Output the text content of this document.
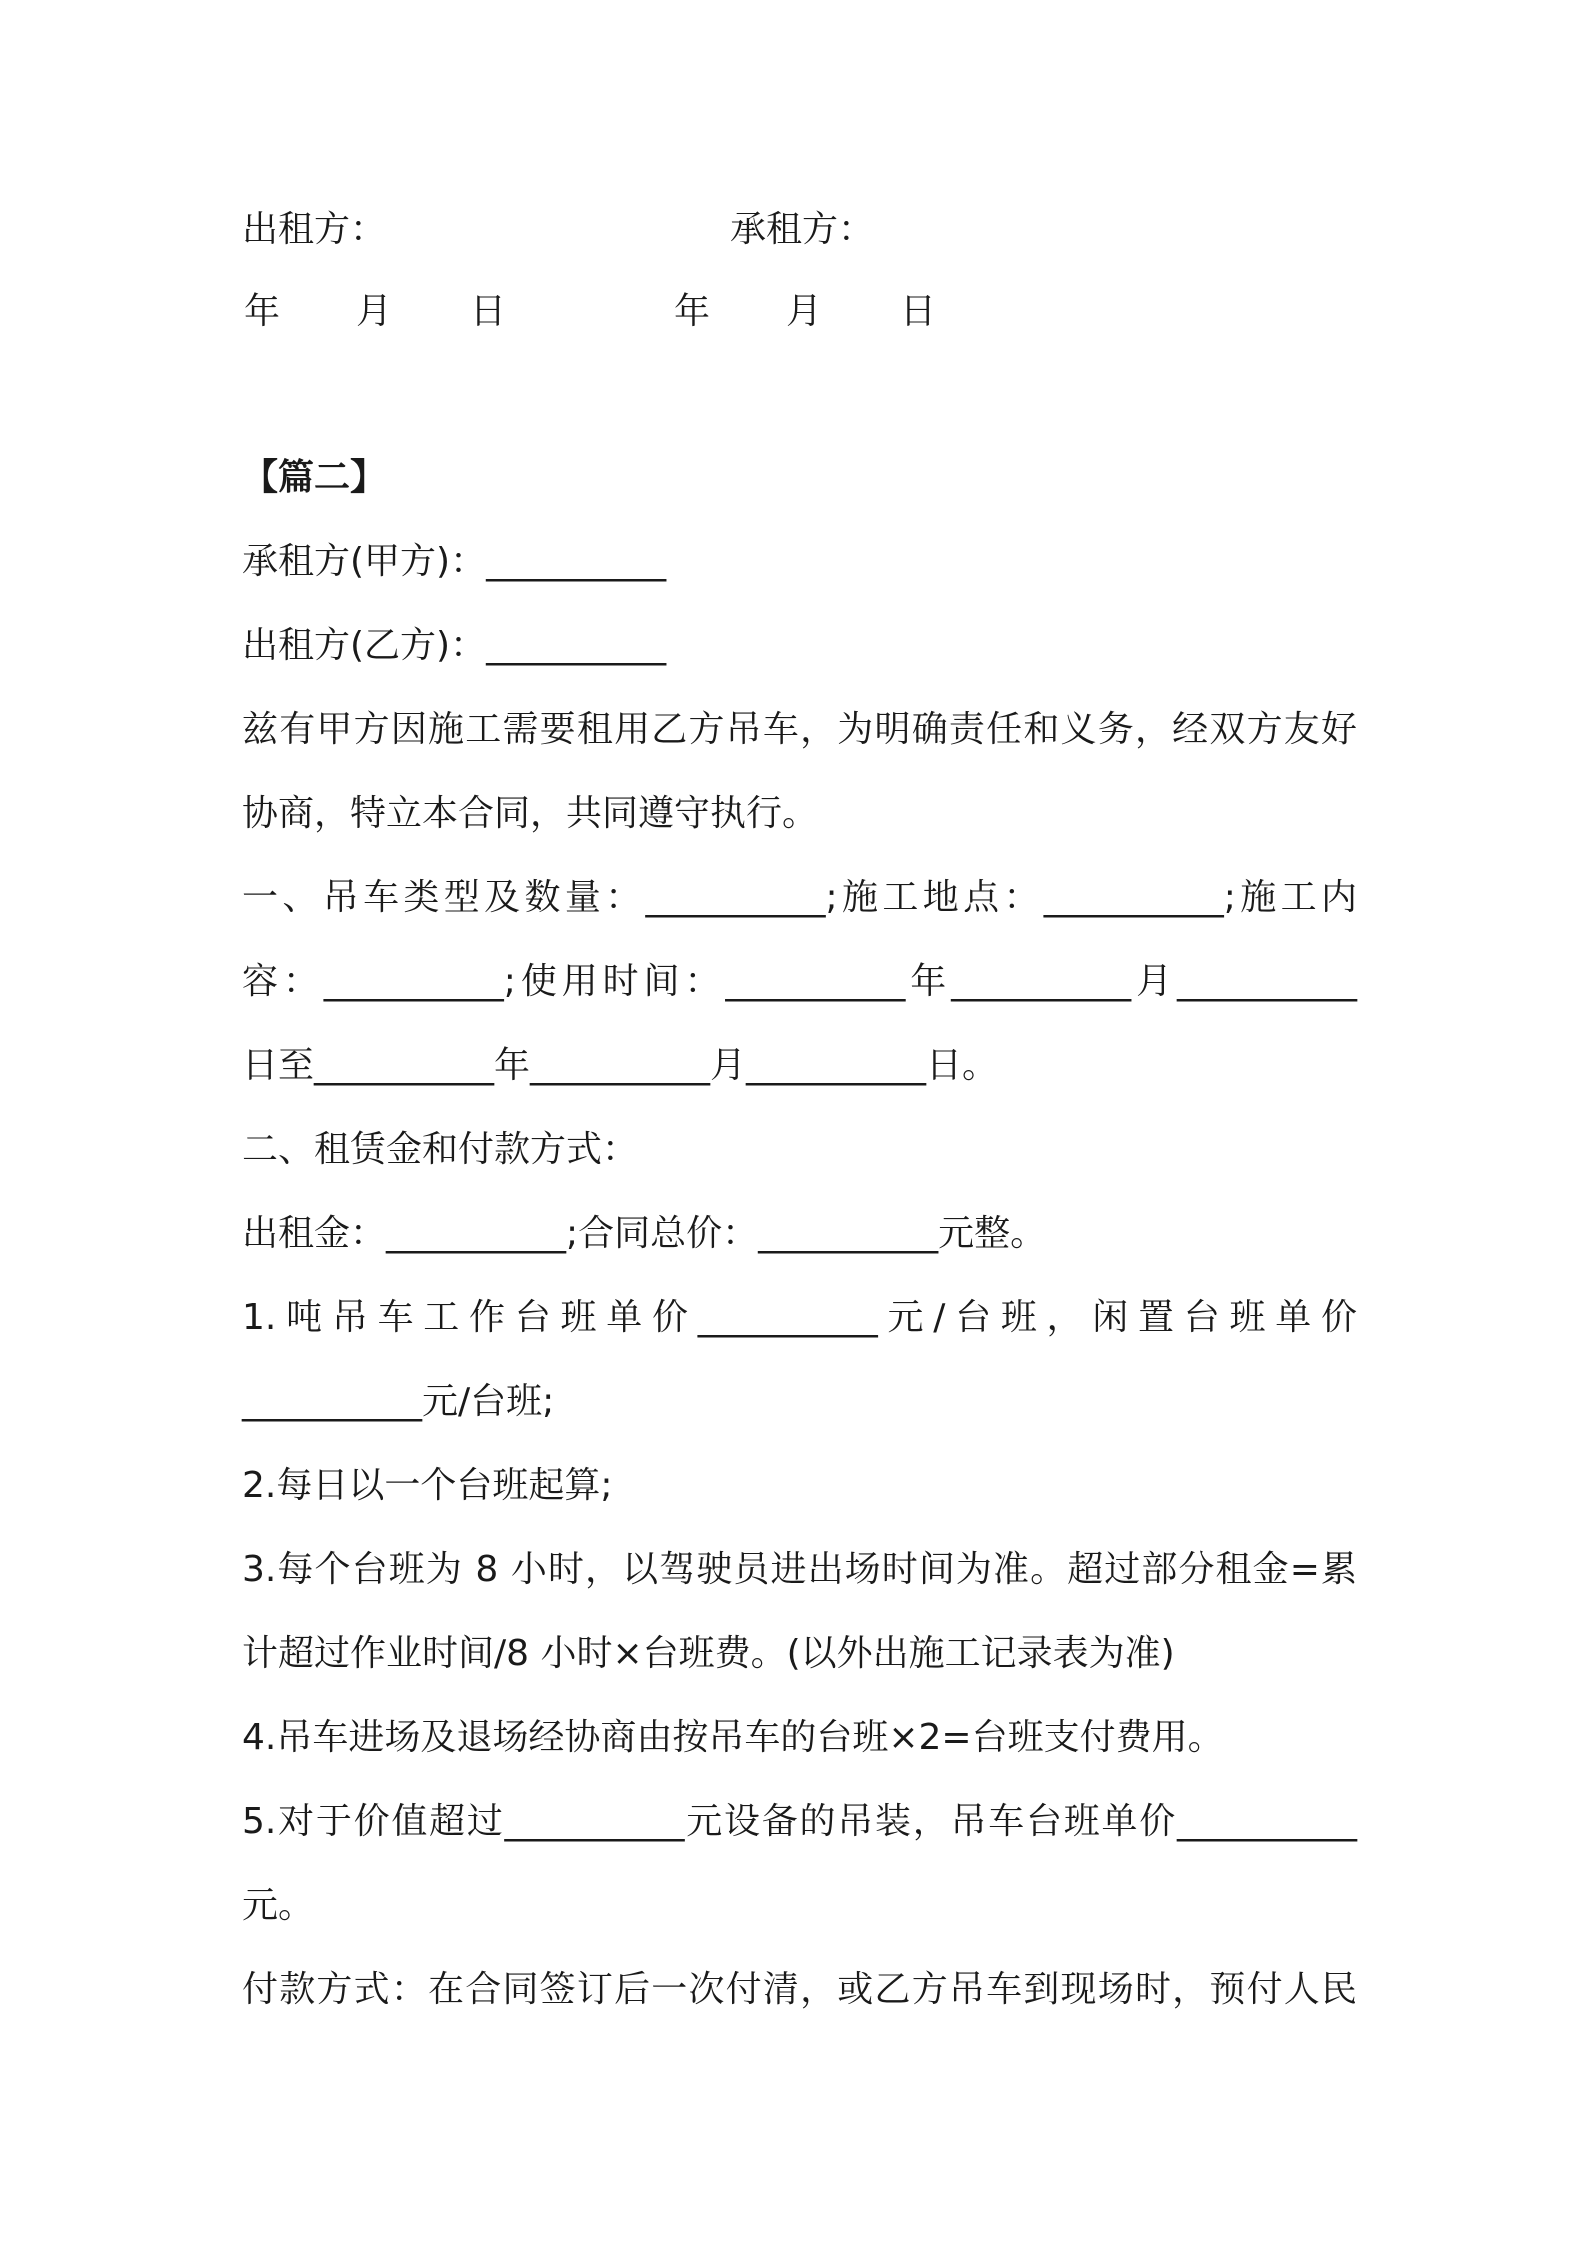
出租方：	承租方：
年 月 日	年 月 日
【篇二】
承租方(甲方)：__________
出租方(乙方)：__________
兹有甲方因施工需要租用乙方吊车，为明确责任和义务，经双方友好
协商，特立本合同，共同遵守执行。
一、吊车类型及数量：__________;施工地点：__________;施工内
容：__________;使用时间：__________年__________月__________
日至__________年__________月__________日。
二、租赁金和付款方式：
出租金：__________;合同总价：__________元整。
1.吨吊车工作台班单价__________元/台班，闲置台班单价
__________元/台班;
2.每日以一个台班起算;
3.每个台班为 8 小时，以驾驶员进出场时间为准。超过部分租金=累
计超过作业时间/8 小时×台班费。(以外出施工记录表为准)
4.吊车进场及退场经协商由按吊车的台班×2=台班支付费用。
5.对于价值超过__________元设备的吊装，吊车台班单价__________
元。
付款方式：在合同签订后一次付清，或乙方吊车到现场时，预付人民
